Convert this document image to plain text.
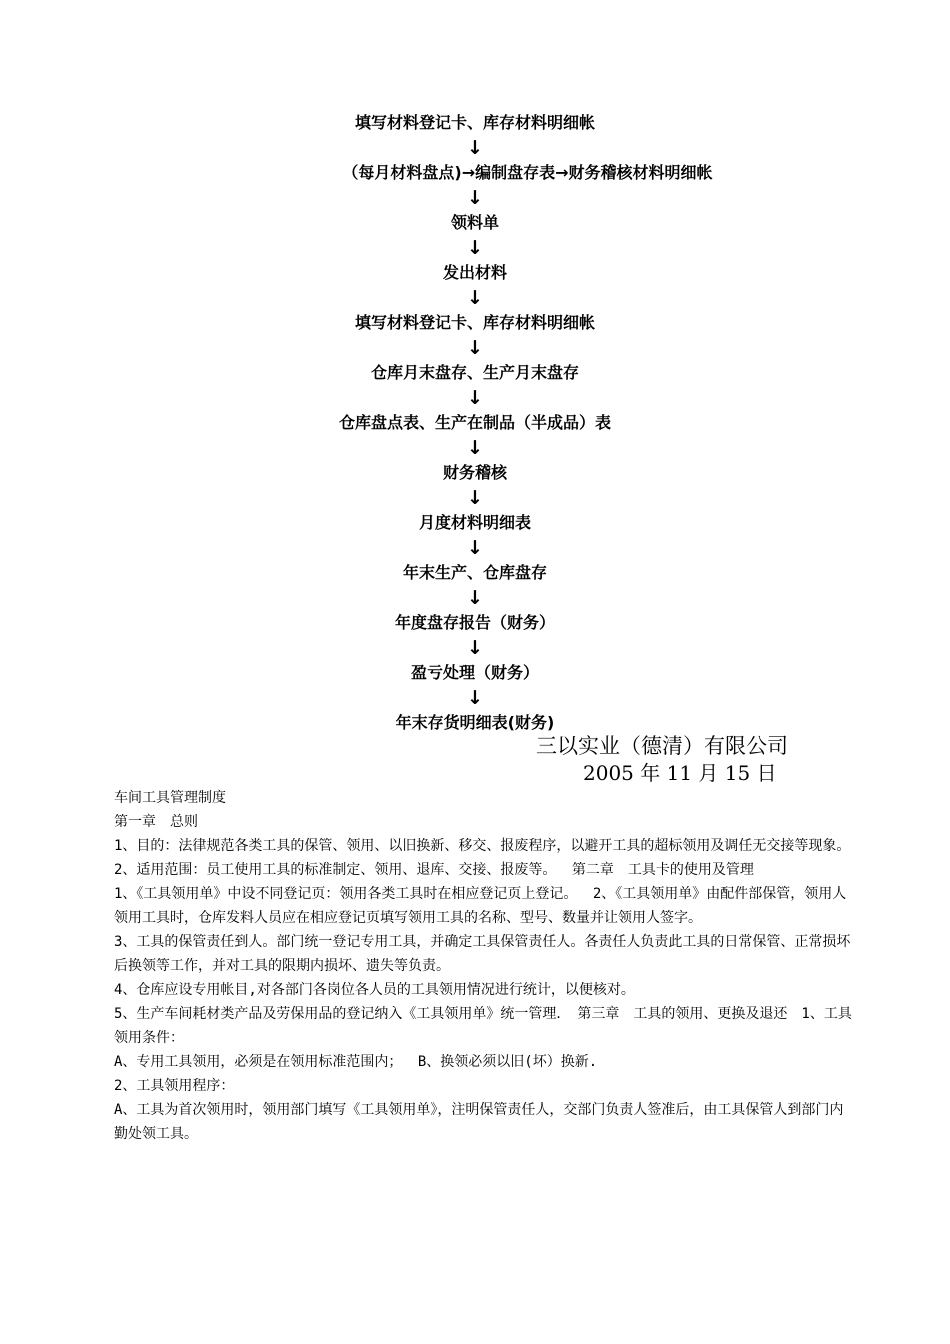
填写材料登记卡、库存材料明细帐
↓
（每月材料盘点)→编制盘存表→财务稽核材料明细帐
↓
领料单
↓
发出材料
↓
填写材料登记卡、库存材料明细帐
↓
仓库月末盘存、生产月末盘存
↓
仓库盘点表、生产在制品（半成品）表
↓
财务稽核
↓
月度材料明细表
↓
年末生产、仓库盘存
↓
年度盘存报告（财务）
↓
盈亏处理（财务）
↓
年末存货明细表(财务)
三以实业（德清）有限公司
2005 年 11 月 15 日

车间工具管理制度

第一章　总则

1、目的：法律规范各类工具的保管、领用、以旧换新、移交、报废程序，以避开工具的超标领用及调任无交接等现象。

2、适用范围：员工使用工具的标准制定、领用、退库、交接、报废等。　 第二章　工具卡的使用及管理

1、《工具领用单》中设不同登记页：领用各类工具时在相应登记页上登记。　 2、《工具领用单》由配件部保管，领用人领用工具时，仓库发料人员应在相应登记页填写领用工具的名称、型号、数量并让领用人签字。

3、工具的保管责任到人。部门统一登记专用工具，并确定工具保管责任人。各责任人负责此工具的日常保管、正常损坏后换领等工作，并对工具的限期内损坏、遗失等负责。

4、仓库应设专用帐目,对各部门各岗位各人员的工具领用情况进行统计，以便核对。

5、生产车间耗材类产品及劳保用品的登记纳入《工具领用单》统一管理．　第三章　工具的领用、更换及退还　1、工具领用条件：

A、专用工具领用，必须是在领用标准范围内；　 B、换领必须以旧(坏）换新.

2、工具领用程序：

A、工具为首次领用时，领用部门填写《工具领用单》，注明保管责任人，交部门负责人签准后，由工具保管人到部门内勤处领工具。
